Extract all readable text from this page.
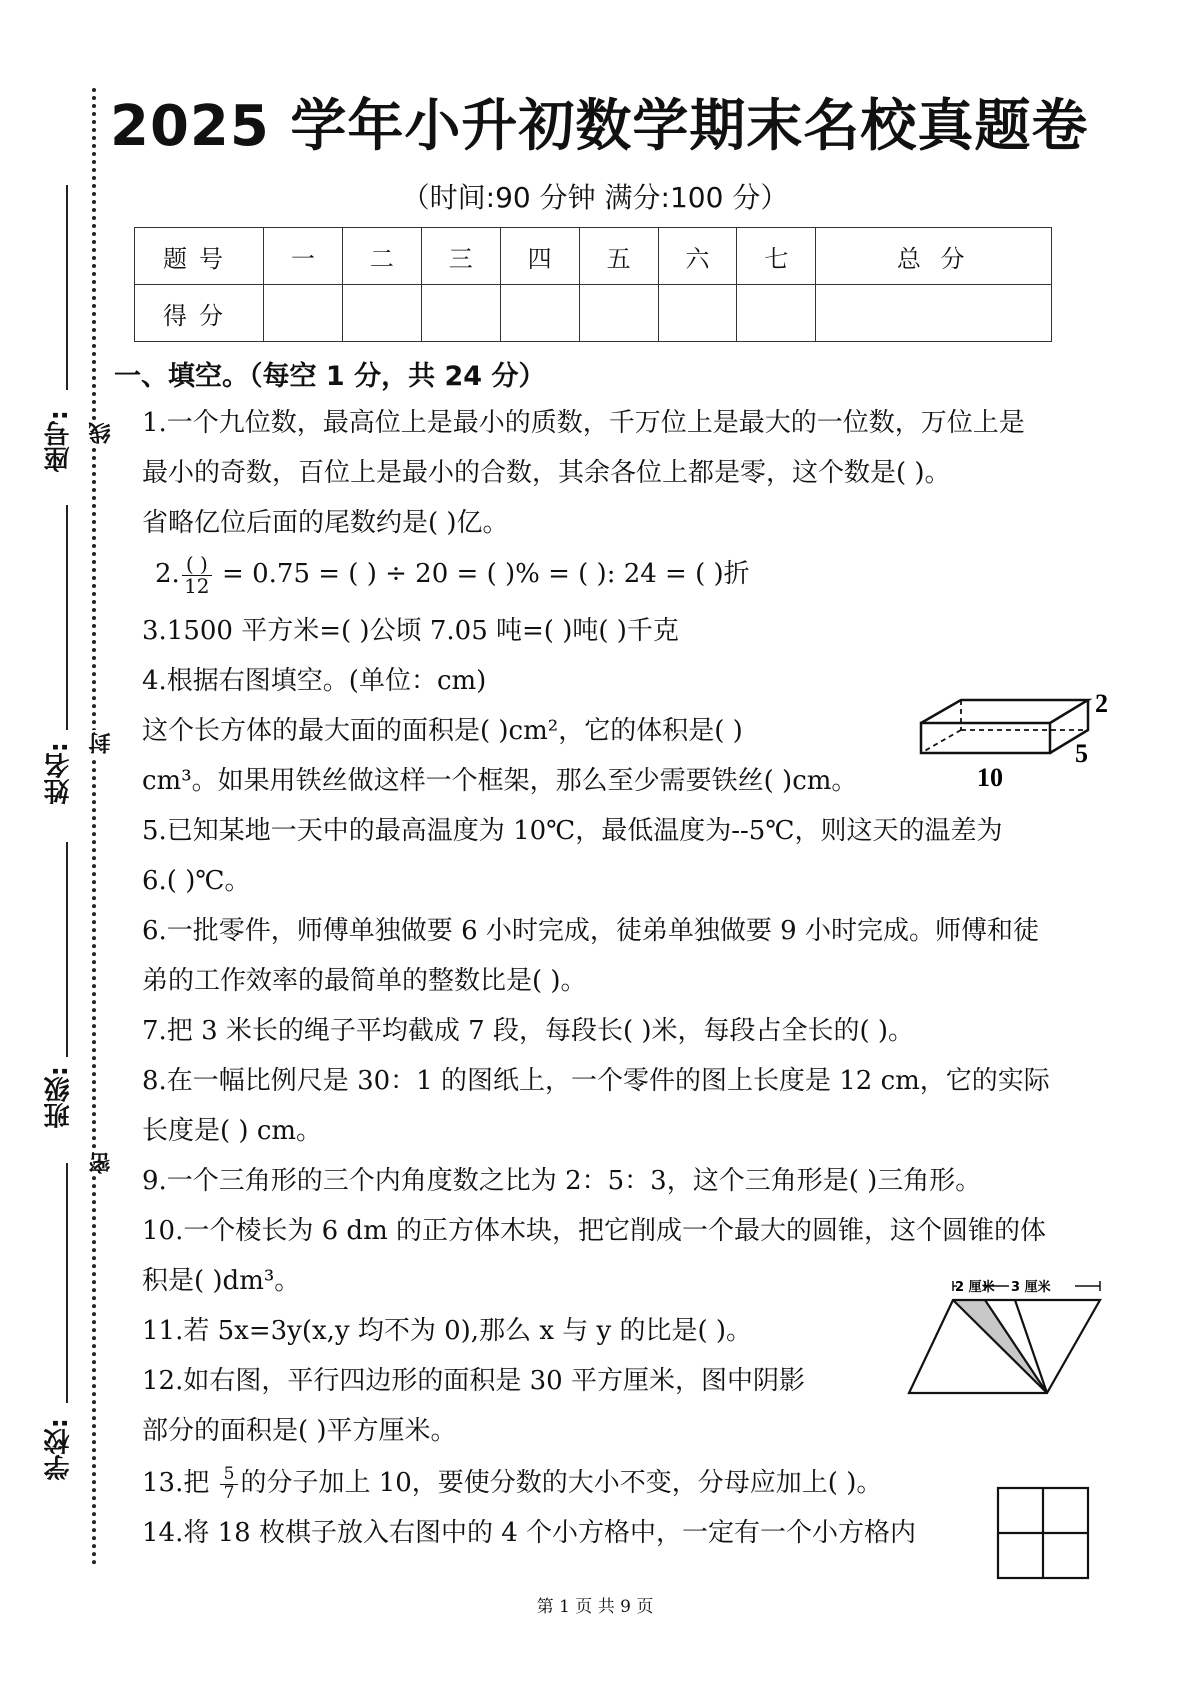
座号:
姓名:
班级:
学校:
线
封
密
2025 学年小升初数学期末名校真题卷
（时间:90 分钟 满分:100 分）
题号	一	二	三	四	五	六	七	总 分
得分								
一、填空。（每空 1 分，共 24 分）
1.一个九位数，最高位上是最小的质数，千万位上是最大的一位数，万位上是
最小的奇数，百位上是最小的合数，其余各位上都是零，这个数是( )。
省略亿位后面的尾数约是( )亿。
2. $\frac{( )}{12} = 0.75$ = ( ) ÷ 20 = ( )% = ( ): 24 = ( )折
3.1500 平方米=( )公顷 7.05 吨=( )吨( )千克
4.根据右图填空。(单位：cm)
这个长方体的最大面的面积是( )cm²，它的体积是( )
cm³。如果用铁丝做这样一个框架，那么至少需要铁丝( )cm。
2
5
10
5.已知某地一天中的最高温度为 10℃，最低温度为--5℃，则这天的温差为
6.( )℃。
6.一批零件，师傅单独做要 6 小时完成，徒弟单独做要 9 小时完成。师傅和徒
弟的工作效率的最简单的整数比是( )。
7.把 3 米长的绳子平均截成 7 段，每段长( )米，每段占全长的( )。
8.在一幅比例尺是 30：1 的图纸上，一个零件的图上长度是 12 cm，它的实际
长度是( ) cm。
9.一个三角形的三个内角度数之比为 2：5：3，这个三角形是( )三角形。
10.一个棱长为 6 dm 的正方体木块，把它削成一个最大的圆锥，这个圆锥的体
积是( )dm³。
11.若 5x=3y(x,y 均不为 0),那么 x 与 y 的比是( )。
12.如右图，平行四边形的面积是 30 平方厘米，图中阴影
部分的面积是( )平方厘米。
2 厘米 3 厘米
13.把 $\frac{5}{7}$ 的分子加上 10，要使分数的大小不变，分母应加上( )。
14.将 18 枚棋子放入右图中的 4 个小方格中，一定有一个小方格内
第 1 页 共 9 页
